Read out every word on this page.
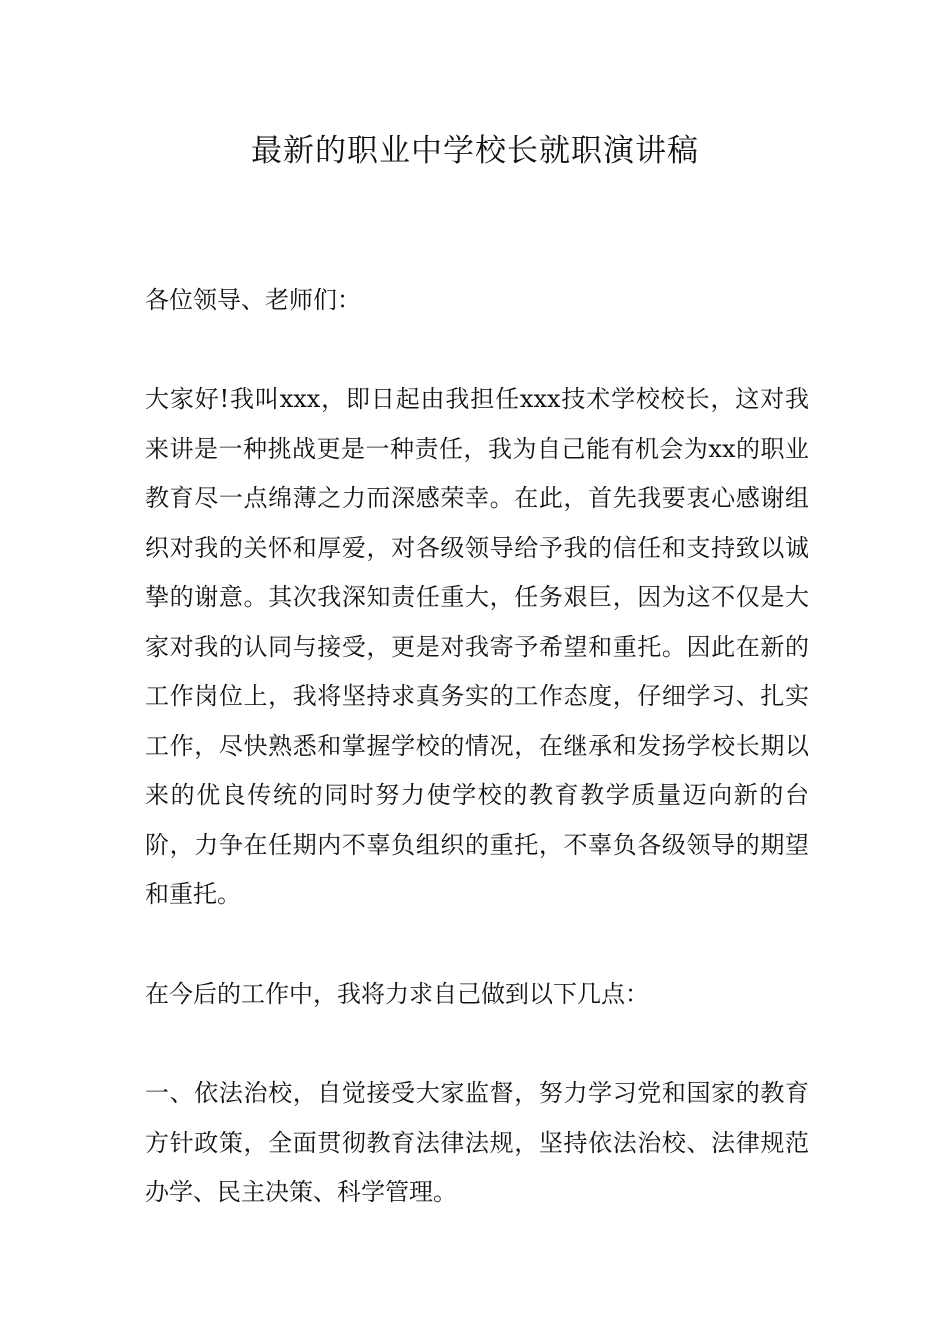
最新的职业中学校长就职演讲稿

各位领导、老师们：

大家好!我叫xxx，即日起由我担任xxx技术学校校长，这对我来讲是一种挑战更是一种责任，我为自己能有机会为xx的职业教育尽一点绵薄之力而深感荣幸。在此，首先我要衷心感谢组织对我的关怀和厚爱，对各级领导给予我的信任和支持致以诚挚的谢意。其次我深知责任重大，任务艰巨，因为这不仅是大家对我的认同与接受，更是对我寄予希望和重托。因此在新的工作岗位上，我将坚持求真务实的工作态度，仔细学习、扎实工作，尽快熟悉和掌握学校的情况，在继承和发扬学校长期以来的优良传统的同时努力使学校的教育教学质量迈向新的台阶，力争在任期内不辜负组织的重托，不辜负各级领导的期望和重托。

在今后的工作中，我将力求自己做到以下几点：

一、依法治校，自觉接受大家监督，努力学习党和国家的教育方针政策，全面贯彻教育法律法规，坚持依法治校、法律规范办学、民主决策、科学管理。
